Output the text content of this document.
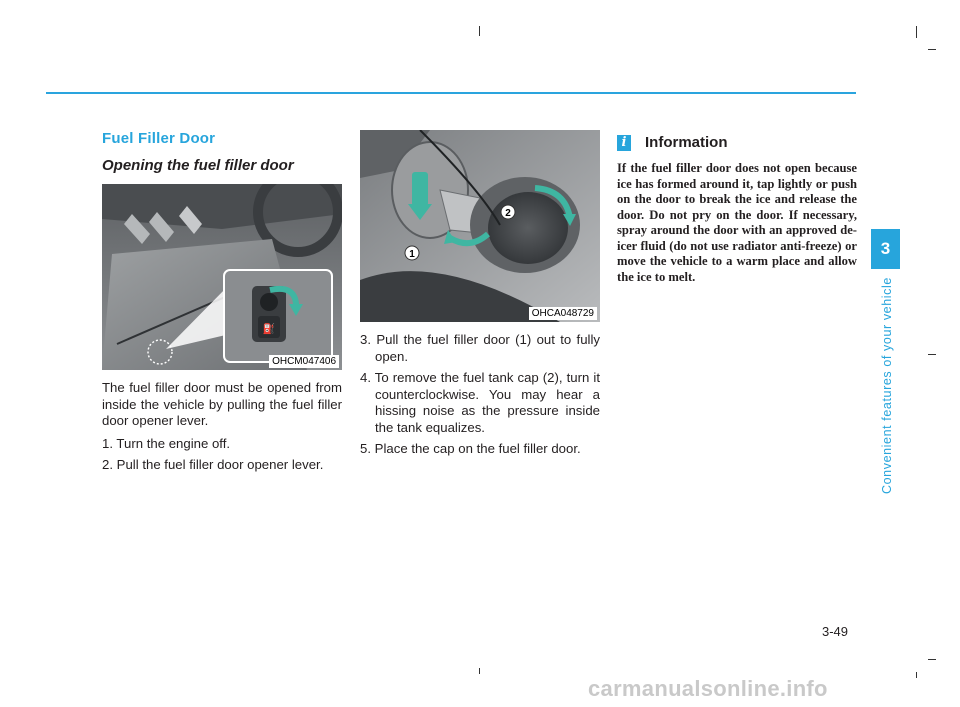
Fuel Filler Door
Opening the fuel filler door
⛽
OHCM047406

The fuel filler door must be opened from inside the vehicle by pulling the fuel filler door opener lever.

1. Turn the engine off.
2. Pull the fuel filler door opener lever.
1
2
OHCA048729
3. Pull the fuel filler door (1) out to fully open.
4. To remove the fuel tank cap (2), turn it counterclockwise. You may hear a hissing noise as the pressure inside the tank equalizes.
5. Place the cap on the fuel filler door.
i	Information

If the fuel filler door does not open because ice has formed around it, tap lightly or push on the door to break the ice and release the door. Do not pry on the door. If necessary, spray around the door with an approved de-icer fluid (do not use radiator anti-freeze) or move the vehicle to a warm place and allow the ice to melt.

3
Convenient features of your vehicle
3-49
carmanualsonline.info
